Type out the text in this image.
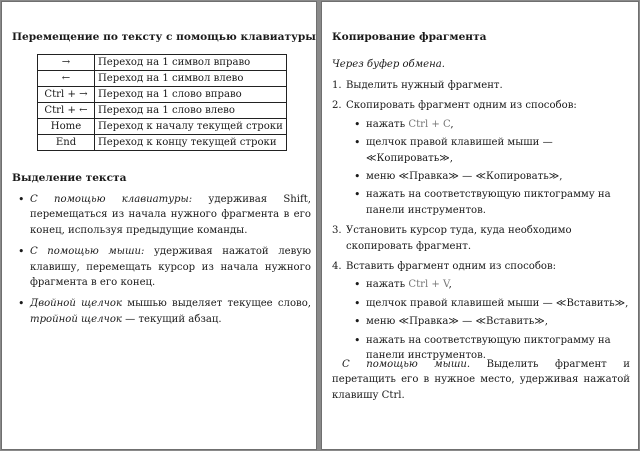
Перемещение по тексту с помощью клавиатуры
→	Переход на 1 символ вправо
←	Переход на 1 символ влево
Ctrl + →	Переход на 1 слово вправо
Ctrl + ←	Переход на 1 слово влево
Home	Переход к началу текущей строки
End	Переход к концу текущей строки
Выделение текста
• С помощью клавиатуры: удерживая Shift, перемещаться из начала нужного фрагмента в его конец, используя предыдущие команды.
• С помощью мыши: удерживая нажатой левую клавишу, перемещать курсор из начала нужного фрагмента в его конец.
• Двойной щелчок мышью выделяет текущее слово, тройной щелчок — текущий абзац.
Копирование фрагмента

Через буфер обмена.

1. Выделить нужный фрагмент.
2. Скопировать фрагмент одним из способов:
• нажать Ctrl + C,
• щелчок правой клавишей мыши — ≪Копировать≫,
• меню ≪Правка≫ — ≪Копировать≫,
• нажать на соответствующую пиктограмму на панели инструментов.
3. Установить курсор туда, куда необходимо скопировать фрагмент.
4. Вставить фрагмент одним из способов:
• нажать Ctrl + V,
• щелчок правой клавишей мыши — ≪Вставить≫,
• меню ≪Правка≫ — ≪Вставить≫,
• нажать на соответствующую пиктограмму на панели инструментов.

С помощью мыши. Выделить фрагмент и перетащить его в нужное место, удерживая нажатой клавишу Ctrl.
